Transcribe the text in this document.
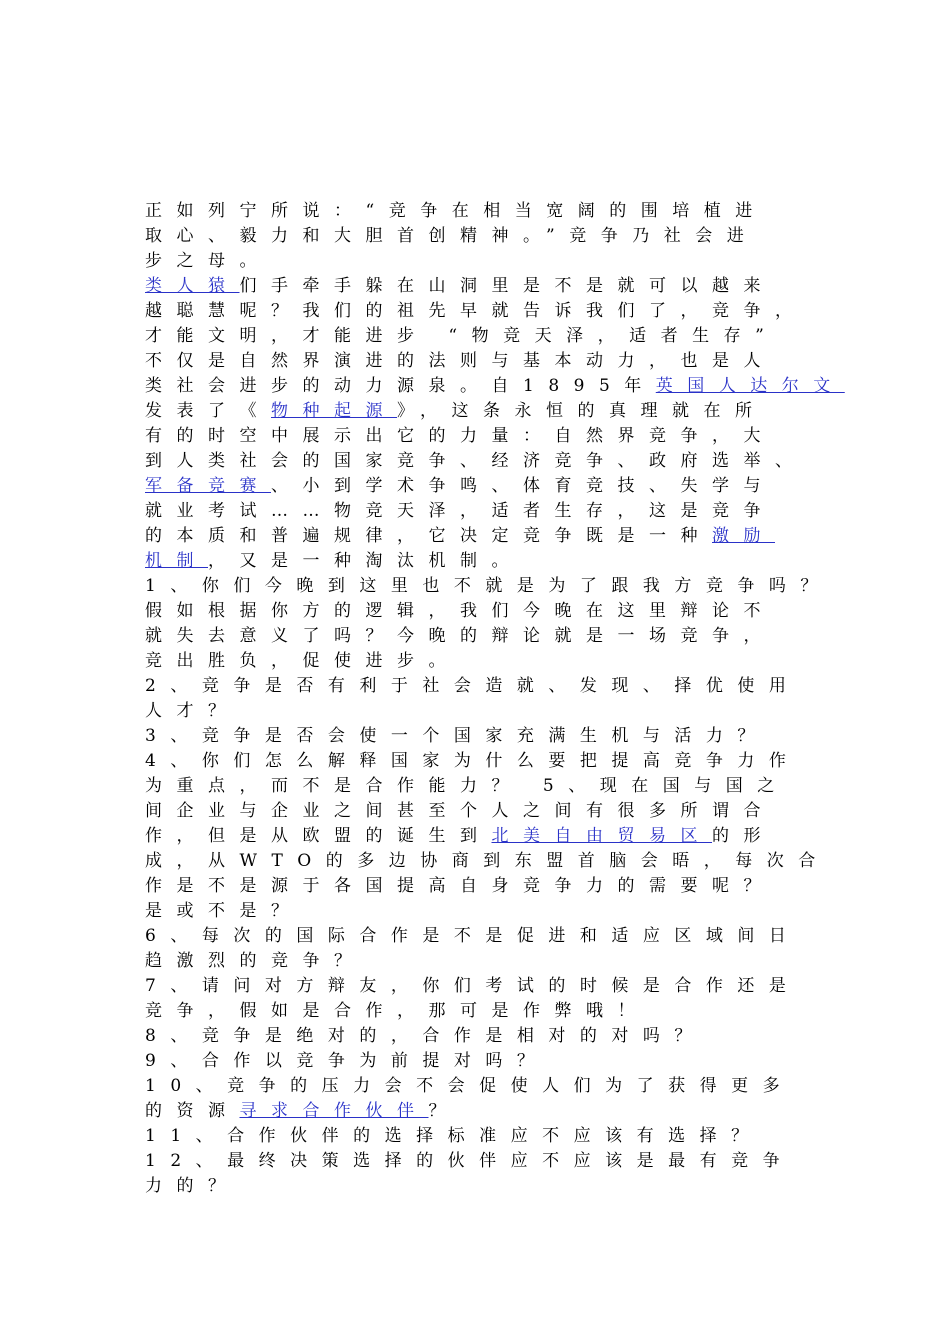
正如列宁所说：“竞争在相当宽阔的围培植进
取心、毅力和大胆首创精神。”竞争乃社会进
步之母。
类人猿们手牵手躲在山洞里是不是就可以越来
越聪慧呢？我们的祖先早就告诉我们了，竞争，
才能文明，才能进步 “物竞天泽，适者生存”
不仅是自然界演进的法则与基本动力，也是人
类社会进步的动力源泉。自1895年英国人达尔文
发表了《物种起源》，这条永恒的真理就在所
有的时空中展示出它的力量：自然界竞争，大
到人类社会的国家竞争、经济竞争、政府选举、
军备竞赛、小到学术争鸣、体育竞技、失学与
就业考试……物竞天泽，适者生存，这是竞争
的本质和普遍规律，它决定竞争既是一种激励
机制，又是一种淘汰机制。
1、你们今晚到这里也不就是为了跟我方竞争吗？
假如根据你方的逻辑，我们今晚在这里辩论不
就失去意义了吗？今晚的辩论就是一场竞争，
竞出胜负，促使进步。
2、竞争是否有利于社会造就、发现、择优使用
人才？
3、竞争是否会使一个国家充满生机与活力？
4、你们怎么解释国家为什么要把提高竞争力作
为重点，而不是合作能力？ 5、现在国与国之
间企业与企业之间甚至个人之间有很多所谓合
作，但是从欧盟的诞生到北美自由贸易区的形
成，从WTO的多边协商到东盟首脑会晤，每次合
作是不是源于各国提高自身竞争力的需要呢？
是或不是？
6、每次的国际合作是不是促进和适应区域间日
趋激烈的竞争？
7、请问对方辩友，你们考试的时候是合作还是
竞争，假如是合作，那可是作弊哦！
8、竞争是绝对的，合作是相对的对吗？
9、合作以竞争为前提对吗？
10、竞争的压力会不会促使人们为了获得更多
的资源寻求合作伙伴？
11、合作伙伴的选择标准应不应该有选择？
12、最终决策选择的伙伴应不应该是最有竞争
力的？
